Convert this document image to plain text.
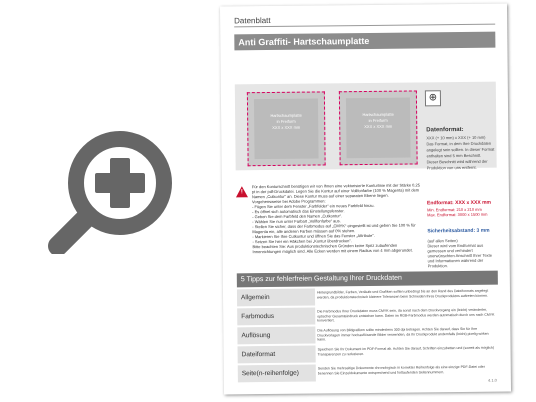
Datenblatt
Anti Graffiti- Hartschaumplatte
Hartschaumplatte
in Freiform
XXX x XXX mm
Hartschaumplatte
in Freiform
XXX x XXX mm
⊕
Datenformat:
XXX (+ 10 mm) x XXX (+ 10 mm)
Das Format, in dem Ihre Druckdaten angelegt sein sollten. In dieser Format enthalten sind 5 mm Beschnitt.
Dieser Beschnitt wird während der Produktion von uns entfernt.
Endformat: XXX x XXX mm
Min. Endformat: 210 x 210 mm
Max. Endformat: 3000 x 1500 mm
Sicherheitsabstand: 3 mm
(auf allen Seiten)
Dieser wird vom Endformat aus gemessen und verhindert unerwünschten Anschnitt Ihrer Texte und Informationen während der Produktion.
!
Für den Konturschnitt benötigen wir von Ihnen eine vektorisierte Konturlinie mit der Stärke 0,25 pt in der pdf-Druckdatei. Legen Sie die Kontur auf einer Vollfonfarbe (100 % Magenta) mit dem Namen „Cutkontur“ an. Diese Kontur muss auf einer separaten Ebene liegen.
Vorgehensweise bei Adobe Programmen:
- Fügen Sie unter dem Fenster „Farbfelder“ ein neues Farbfeld hinzu.
- Es öffnet sich automatisch das Einstellungsfenster.
- Geben Sie dem Farbfeld den Namen „Cutkontur“.
- Wählen Sie nun unter Farbart „Vollfonfarbe“ aus.
- Stellen Sie sicher, dass der Farbmodus auf „CMYK“ eingestellt ist und geben Sie 100 % für Magenta ein, alle anderen Farben müssen auf 0% stehen.
- Markieren Sie Ihre Cutkontur und öffnen Sie das Fenster „Attribute“.
- Setzen Sie hier ein Häkchen bei „Kontur überdrucken“.
Bitte beachten Sie: Aus produktionstechnischen Gründen keine Spitz zulaufenden Innenrichtungen möglich sind. Alle Ecken werden mit einem Radius von 4 mm abgerundet.
5 Tipps zur fehlerfreien Gestaltung Ihrer Druckdaten
Allgemein
Hintergrundbilder, Farben, Verläufe und Grafiken sollten unbedingt bis an den Rand des Dateiformats angelegt werden, da produktionstechnisch kleinere Toleranzen beim Schneiden Ihres Druckproduktes auftreten können.
Farbmodus
Die Farbmodus Ihrer Druckdaten muss CMYK sein, da sonst nach dem Druckvorgang ein (leicht) veränderter, optischer Gesamteindruck entstehen kann. Daten im RGB-Farbmodus werden automatisch durch uns nach CMYK konvertiert.
Auflösung
Die Auflösung von Bildgrafiken sollte mindestens 300 dpi betragen. Achten Sie darauf, dass Sie für Ihre Druckvorlagen immer hochauflösende Bilder verwenden, da Ihr Druckprodukt andernfalls (leicht) pixelig wirken kann.
Dateiformat
Speichern Sie Ihr Dokument im PDF-Format ab. Achten Sie darauf, Schriften einzubetten und (soweit als möglich) Transparenzen zu reduzieren.
Seite(n-reihenfolge)
Senden Sie mehrseitige Dokumente chronologisch in korrekter Reihenfolge als eine einzige PDF-Datei oder benennen Sie Einzeldokumente entsprechend und fortlaufenden Seitennummern.
4.1.0
